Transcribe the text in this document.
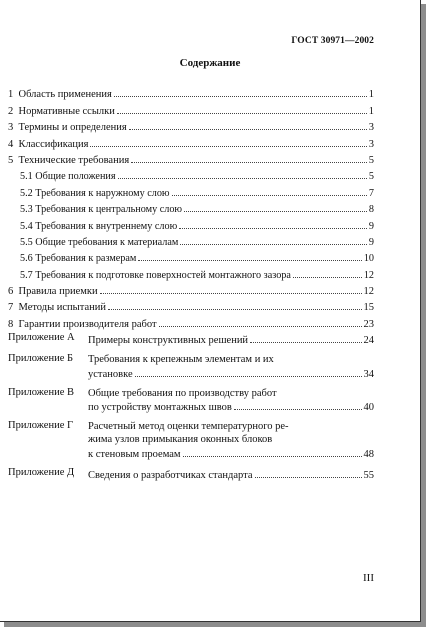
ГОСТ 30971—2002
Содержание
1  Область применения	1
2  Нормативные ссылки	1
3  Термины и определения	3
4  Классификация	3
5  Технические требования	5
5.1 Общие положения	5
5.2 Требования к наружному слою	7
5.3 Требования к центральному слою	8
5.4 Требования к внутреннему слою	9
5.5 Общие требования к материалам	9
5.6 Требования к размерам	10
5.7 Требования к подготовке поверхностей монтажного зазора	12
6  Правила приемки	12
7  Методы испытаний	15
8  Гарантии производителя работ	23
Приложение А	Примеры конструктивных решений	24
Приложение Б	Требования к крепежным элементам и их
установке	34
Приложение В	Общие требования по производству работ
по устройству монтажных швов	40
Приложение Г	Расчетный метод оценки температурного ре-
жима узлов примыкания оконных блоков
к стеновым проемам	48
Приложение Д	Сведения о разработчиках стандарта	55
III
